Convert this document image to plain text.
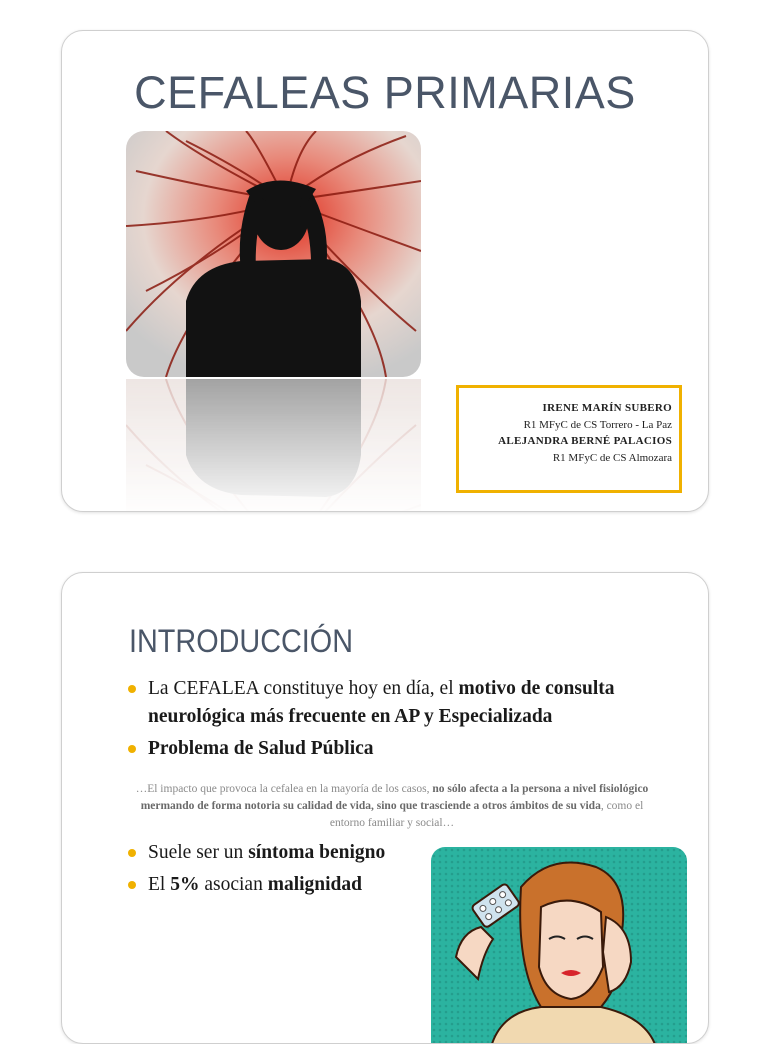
CEFALEAS PRIMARIAS
IRENE MARÍN SUBERO
R1 MFyC de CS Torrero - La Paz
ALEJANDRA BERNÉ PALACIOS
R1 MFyC de CS Almozara
INTRODUCCIÓN
La CEFALEA constituye hoy en día, el motivo de consulta neurológica más frecuente en AP y Especializada
Problema de Salud Pública
…El impacto que provoca la cefalea en la mayoría de los casos, no sólo afecta a la persona a nivel fisiológico mermando de forma notoria su calidad de vida, sino que trasciende a otros ámbitos de su vida, como el entorno familiar y social…
Suele ser un síntoma benigno
El 5% asocian malignidad
